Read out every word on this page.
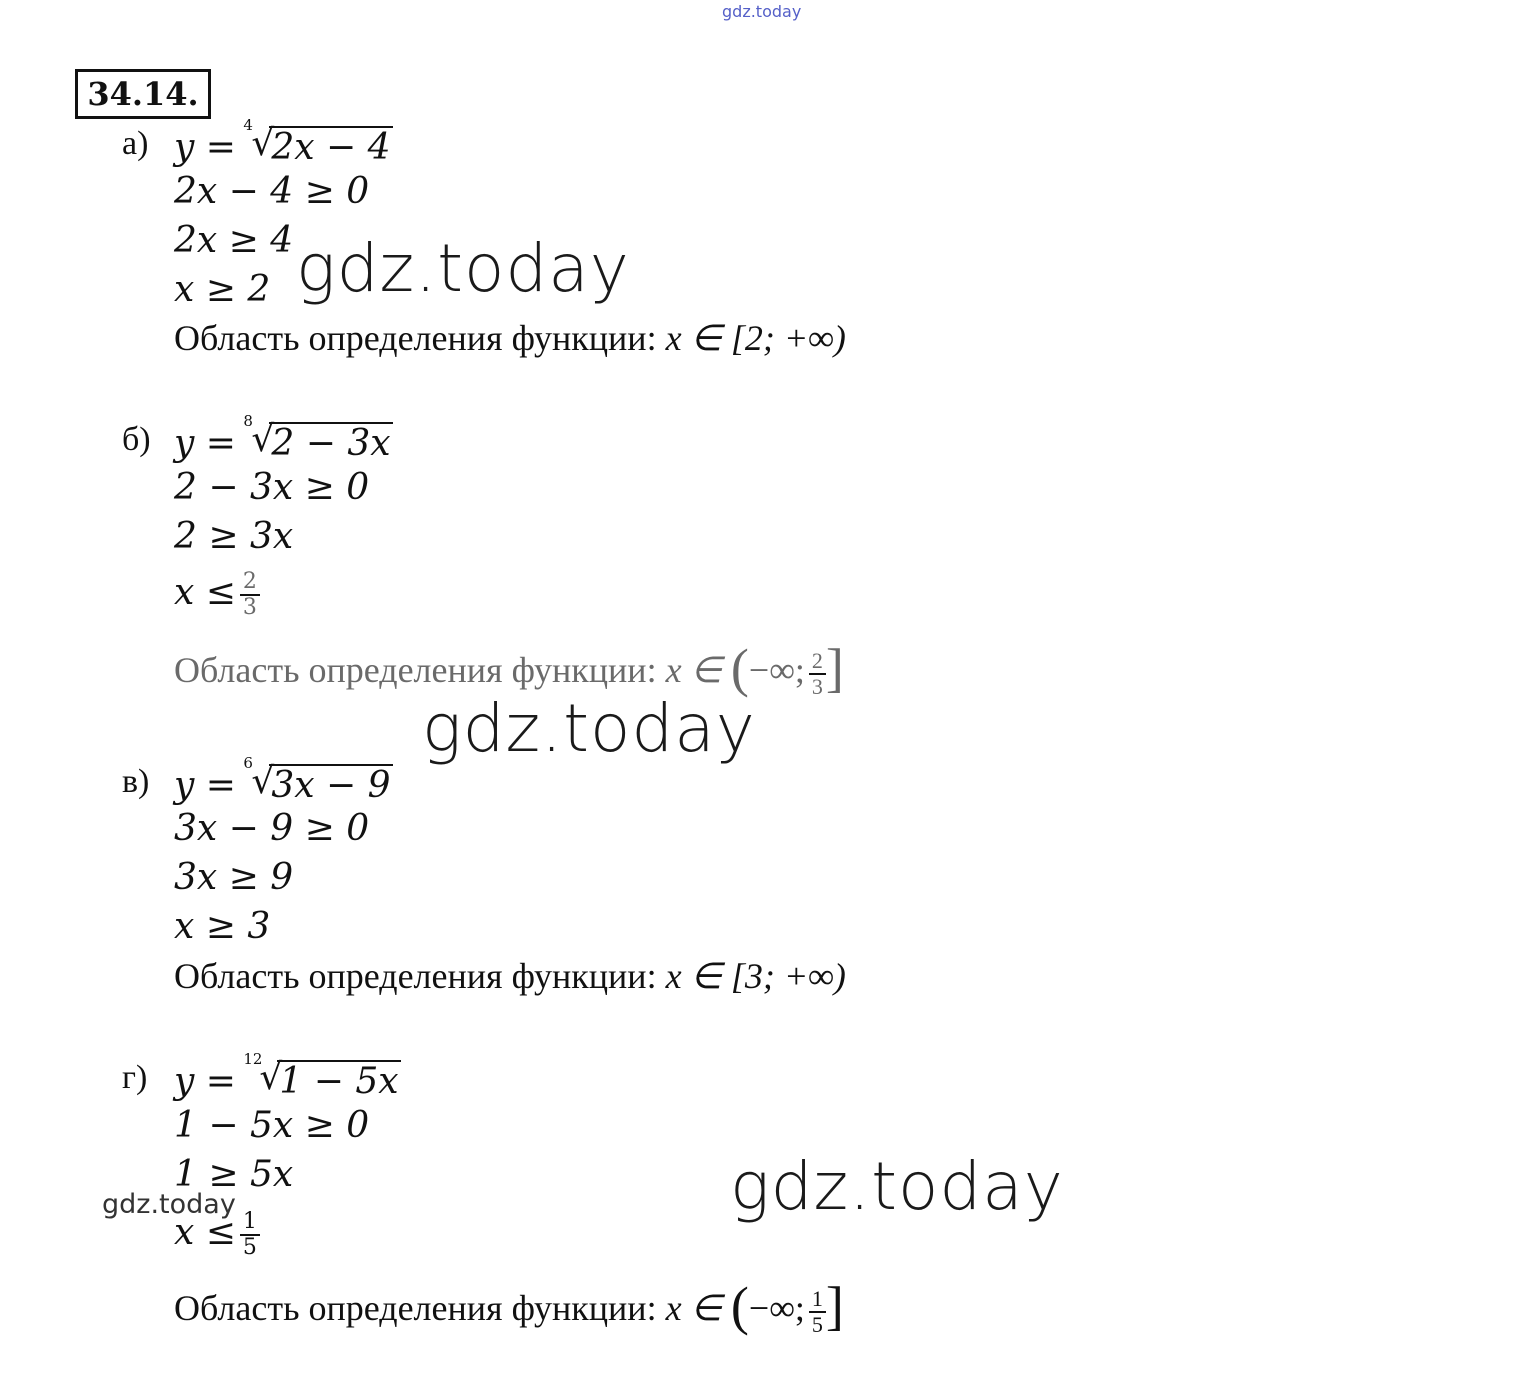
gdz.today
34.14.
а) y =
4
√
2x − 4
2x − 4 ≥ 0
2x ≥ 4
x ≥ 2
Область определения функции: x ∈ [2; +∞)
gdz.today
б) y =
8
√
2 − 3x
2 − 3x ≥ 0
2 ≥ 3x
$x \le \frac{2}{3}$
Область определения функции: x ∈ (−∞; $\frac{2}{3}$ ]
gdz.today
в) y =
6
√
3x − 9
3x − 9 ≥ 0
3x ≥ 9
x ≥ 3
Область определения функции: x ∈ [3; +∞)
г) y =
12
√
1 − 5x
1 − 5x ≥ 0
1 ≥ 5x
$x \le \frac{1}{5}$
Область определения функции: x ∈ (−∞; $\frac{1}{5}$ ]
gdz.today
gdz.today
